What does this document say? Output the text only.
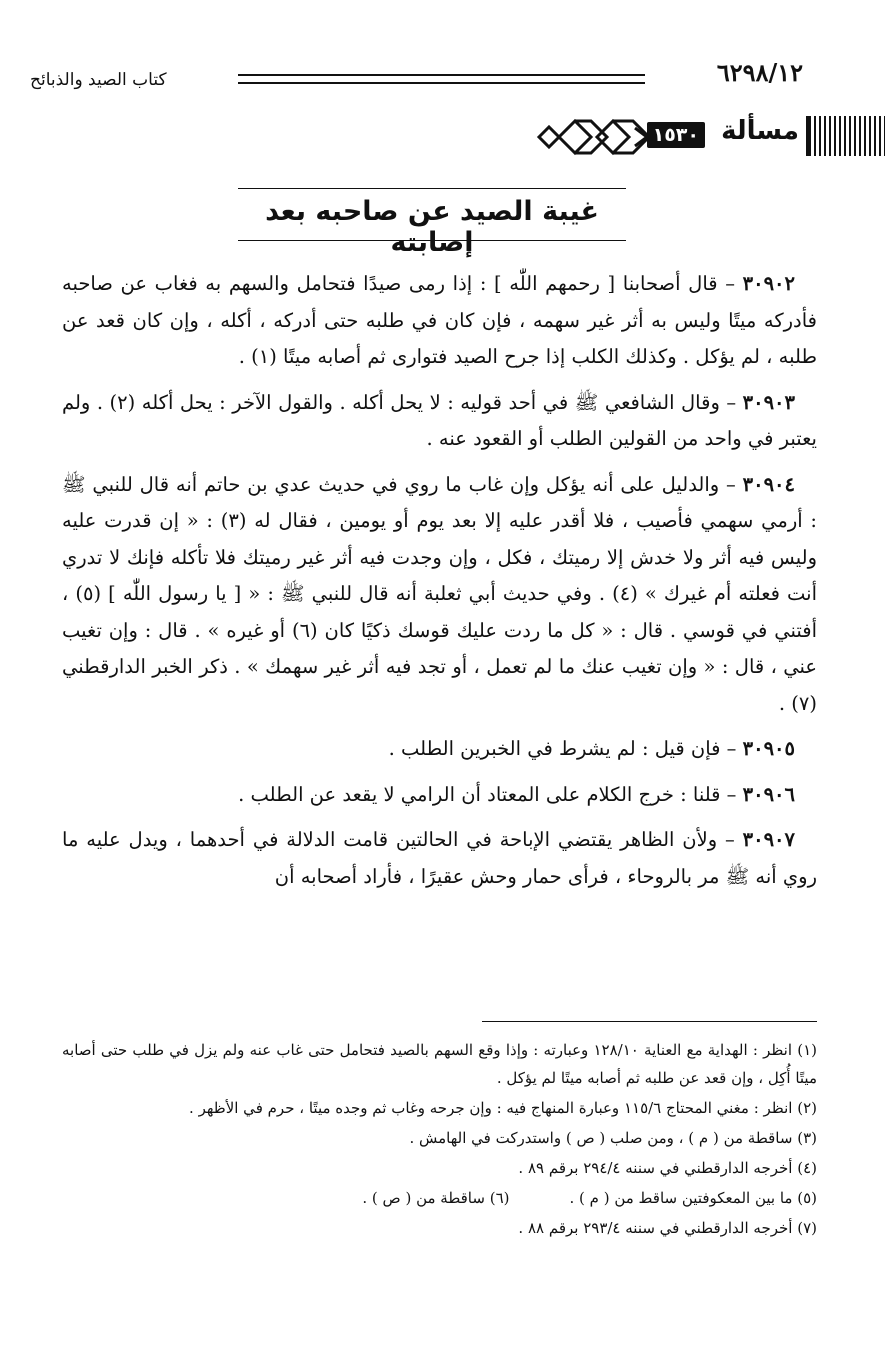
٦٢٩٨/١٢
كتاب الصيد والذبائح
مسألة
١٥٣٠
غيبة الصيد عن صاحبه بعد إصابته

٣٠٩٠٢ – قال أصحابنا [ رحمهم اللّٰه ] : إذا رمى صيدًا فتحامل والسهم به فغاب عن صاحبه فأدركه ميتًا وليس به أثر غير سهمه ، فإن كان في طلبه حتى أدركه ، أكله ، وإن كان قعد عن طلبه ، لم يؤكل . وكذلك الكلب إذا جرح الصيد فتوارى ثم أصابه ميتًا (١) .

٣٠٩٠٣ – وقال الشافعي ﷺ في أحد قوليه : لا يحل أكله . والقول الآخر : يحل أكله (٢) . ولم يعتبر في واحد من القولين الطلب أو القعود عنه .

٣٠٩٠٤ – والدليل على أنه يؤكل وإن غاب ما روي في حديث عدي بن حاتم أنه قال للنبي ﷺ : أرمي سهمي فأصيب ، فلا أقدر عليه إلا بعد يوم أو يومين ، فقال له (٣) : « إن قدرت عليه وليس فيه أثر ولا خدش إلا رميتك ، فكل ، وإن وجدت فيه أثر غير رميتك فلا تأكله فإنك لا تدري أنت فعلته أم غيرك » (٤) . وفي حديث أبي ثعلبة أنه قال للنبي ﷺ : « [ يا رسول اللّٰه ] (٥) ، أفتني في قوسي . قال : « كل ما ردت عليك قوسك ذكيًا كان (٦) أو غيره » . قال : وإن تغيب عني ، قال : « وإن تغيب عنك ما لم تعمل ، أو تجد فيه أثر غير سهمك » . ذكر الخبر الدارقطني (٧) .

٣٠٩٠٥ – فإن قيل : لم يشرط في الخبرين الطلب .

٣٠٩٠٦ – قلنا : خرج الكلام على المعتاد أن الرامي لا يقعد عن الطلب .

٣٠٩٠٧ – ولأن الظاهر يقتضي الإباحة في الحالتين قامت الدلالة في أحدهما ، ويدل عليه ما روي أنه ﷺ مر بالروحاء ، فرأى حمار وحش عقيرًا ، فأراد أصحابه أن

(١) انظر : الهداية مع العناية ١٢٨/١٠ وعبارته : وإذا وقع السهم بالصيد فتحامل حتى غاب عنه ولم يزل في طلب حتى أصابه ميتًا أُكِل ، وإن قعد عن طلبه ثم أصابه ميتًا لم يؤكل .

(٢) انظر : مغني المحتاج ١١٥/٦ وعبارة المنهاج فيه : وإن جرحه وغاب ثم وجده ميتًا ، حرم في الأظهر .

(٣) ساقطة من ( م ) ، ومن صلب ( ص ) واستدركت في الهامش .

(٤) أخرجه الدارقطني في سننه ٢٩٤/٤ برقم ٨٩ .

(٥) ما بين المعكوفتين ساقط من ( م ) .(٦) ساقطة من ( ص ) .

(٧) أخرجه الدارقطني في سننه ٢٩٣/٤ برقم ٨٨ .
